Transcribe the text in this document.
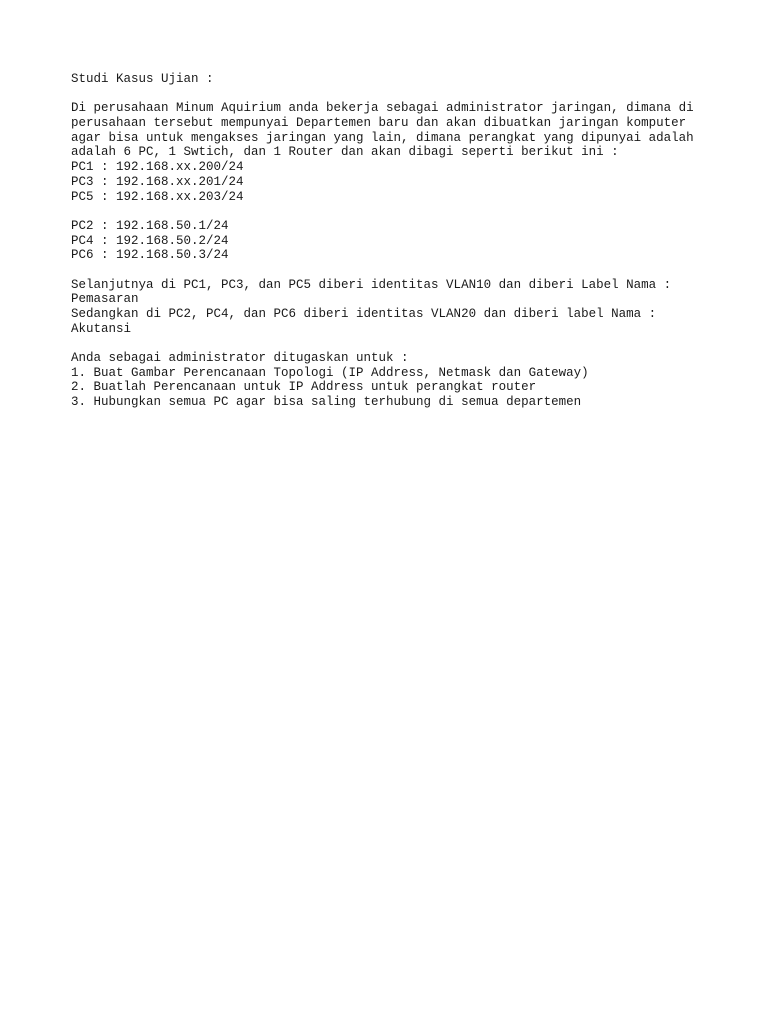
Studi Kasus Ujian :
Di perusahaan Minum Aquirium anda bekerja sebagai administrator jaringan, dimana di
perusahaan tersebut mempunyai Departemen baru dan akan dibuatkan jaringan komputer
agar bisa untuk mengakses jaringan yang lain, dimana perangkat yang dipunyai adalah
adalah 6 PC, 1 Swtich, dan 1 Router dan akan dibagi seperti berikut ini :
PC1 : 192.168.xx.200/24
PC3 : 192.168.xx.201/24
PC5 : 192.168.xx.203/24
PC2 : 192.168.50.1/24
PC4 : 192.168.50.2/24
PC6 : 192.168.50.3/24
Selanjutnya di PC1, PC3, dan PC5 diberi identitas VLAN10 dan diberi Label Nama :
Pemasaran
Sedangkan di PC2, PC4, dan PC6 diberi identitas VLAN20 dan diberi label Nama :
Akutansi
Anda sebagai administrator ditugaskan untuk :
1. Buat Gambar Perencanaan Topologi (IP Address, Netmask dan Gateway)
2. Buatlah Perencanaan untuk IP Address untuk perangkat router
3. Hubungkan semua PC agar bisa saling terhubung di semua departemen
